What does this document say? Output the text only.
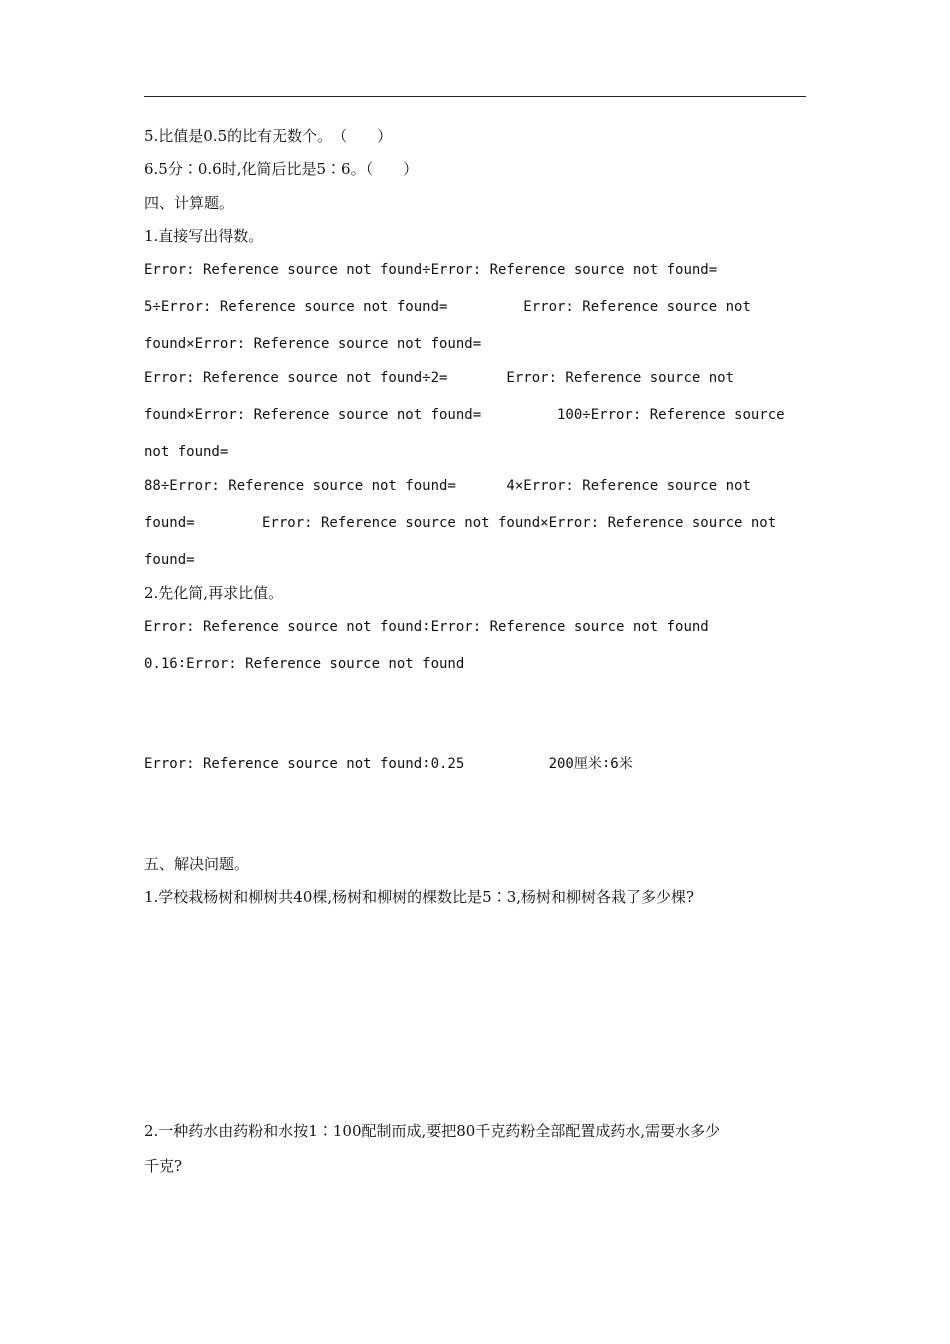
5.比值是0.5的比有无数个。　（　　）
6.5分∶0.6时,化简后比是5∶6。（　　）
四、计算题。
1.直接写出得数。
Error: Reference source not found÷Error: Reference source not found=
5÷Error: Reference source not found=         Error: Reference source not
found×Error: Reference source not found=
Error: Reference source not found÷2=       Error: Reference source not
found×Error: Reference source not found=         100÷Error: Reference source
not found=
88÷Error: Reference source not found=      4×Error: Reference source not
found=        Error: Reference source not found×Error: Reference source not
found=
2.先化简,再求比值。
Error: Reference source not found∶Error: Reference source not found
0.16∶Error: Reference source not found
Error: Reference source not found∶0.25          200厘米∶6米
五、解决问题。
1.学校栽杨树和柳树共40棵,杨树和柳树的棵数比是5∶3,杨树和柳树各栽了多少棵?
2.一种药水由药粉和水按1∶100配制而成,要把80千克药粉全部配置成药水,需要水多少
千克?
